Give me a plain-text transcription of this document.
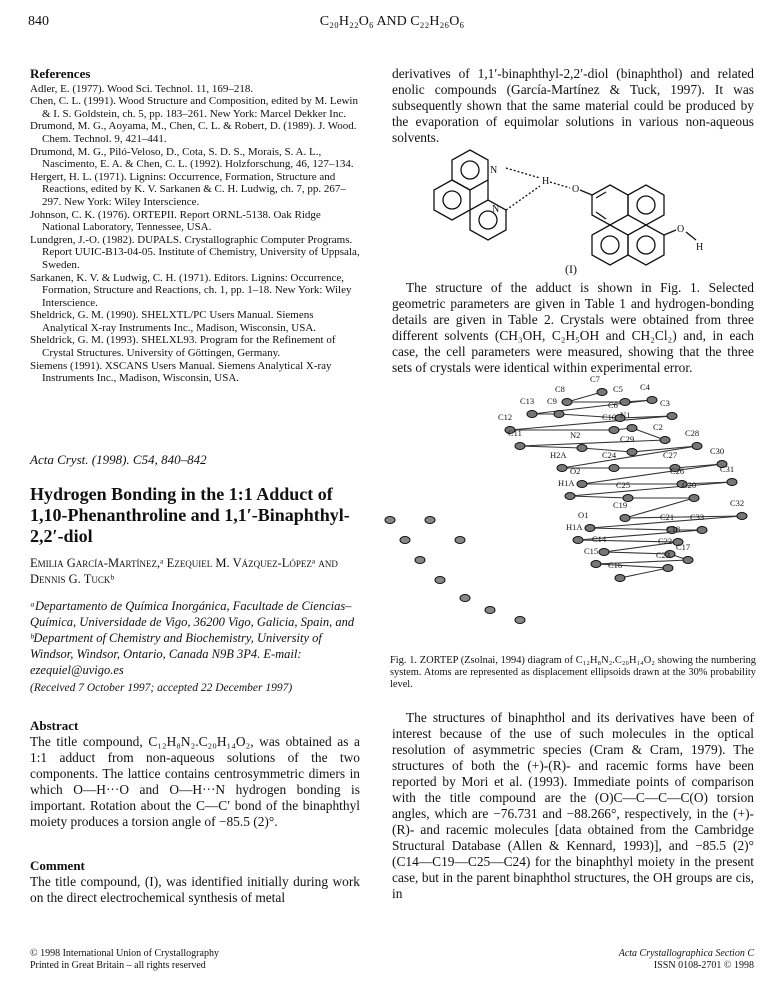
840	C₂₀H₂₂O₆ AND C₂₂H₂₆O₆
References

Adler, E. (1977). Wood Sci. Technol. 11, 169–218.

Chen, C. L. (1991). Wood Structure and Composition, edited by M. Lewin & I. S. Goldstein, ch. 5, pp. 183–261. New York: Marcel Dekker Inc.

Drumond, M. G., Aoyama, M., Chen, C. L. & Robert, D. (1989). J. Wood. Chem. Technol. 9, 421–441.

Drumond, M. G., Piló-Veloso, D., Cota, S. D. S., Morais, S. A. L., Nascimento, E. A. & Chen, C. L. (1992). Holzforschung, 46, 127–134.

Hergert, H. L. (1971). Lignins: Occurrence, Formation, Structure and Reactions, edited by K. V. Sarkanen & C. H. Ludwig, ch. 7, pp. 267–297. New York: Wiley Interscience.

Johnson, C. K. (1976). ORTEPII. Report ORNL-5138. Oak Ridge National Laboratory, Tennessee, USA.

Lundgren, J.-O. (1982). DUPALS. Crystallographic Computer Programs. Report UUIC-B13-04-05. Institute of Chemistry, University of Uppsala, Sweden.

Sarkanen, K. V. & Ludwig, C. H. (1971). Editors. Lignins: Occurrence, Formation, Structure and Reactions, ch. 1, pp. 1–18. New York: Wiley Interscience.

Sheldrick, G. M. (1990). SHELXTL/PC Users Manual. Siemens Analytical X-ray Instruments Inc., Madison, Wisconsin, USA.

Sheldrick, G. M. (1993). SHELXL93. Program for the Refinement of Crystal Structures. University of Göttingen, Germany.

Siemens (1991). XSCANS Users Manual. Siemens Analytical X-ray Instruments Inc., Madison, Wisconsin, USA.

Acta Cryst. (1998). C54, 840–842
Hydrogen Bonding in the 1:1 Adduct of 1,10-Phenanthroline and 1,1′-Binaphthyl-2,2′-diol
Emilia García-Martínez,ᵃ Ezequiel M. Vázquez-Lópezᵃ and Dennis G. Tuckᵇ
ᵃDepartamento de Química Inorgánica, Facultade de Ciencias–Química, Universidade de Vigo, 36200 Vigo, Galicia, Spain, and ᵇDepartment of Chemistry and Biochemistry, University of Windsor, Windsor, Ontario, Canada N9B 3P4. E-mail: ezequiel@uvigo.es
(Received 7 October 1997; accepted 22 December 1997)
Abstract
The title compound, C₁₂H₈N₂.C₂₀H₁₄O₂, was obtained as a 1:1 adduct from non-aqueous solutions of the two components. The lattice contains centrosymmetric dimers in which O—H···O and O—H···N hydrogen bonding is important. Rotation about the C—C′ bond of the binaphthyl moiety produces a torsion angle of −85.5 (2)°.
Comment
The title compound, (I), was identified initially during work on the direct electrochemical synthesis of metal
derivatives of 1,1′-binaphthyl-2,2′-diol (binaphthol) and related enolic compounds (García-Martínez & Tuck, 1997). It was subsequently shown that the same material could be produced by the evaporation of equimolar solutions in various non-aqueous solvents.
N
H
O
N
O
H
(I)
The structure of the adduct is shown in Fig. 1. Selected geometric parameters are given in Table 1 and hydrogen-bonding details are given in Table 2. Crystals were obtained from three different solvents (CH₃OH, C₂H₅OH and CH₂Cl₂) and, in each case, the cell parameters were measured, showing that the three sets of crystals were identical within experimental error.
C7
C8	C5 C4
C13 C9	C6	C3
C12	C10 N1
C2
C11	N2	C29
C28
H2A	C24	C27	C30
O2	C26	C31
H1A	C25	C20
C19	C32
O1	C21 C33
H1A	C18
C14	C22
C17
C15	C23
C16
Fig. 1. ZORTEP (Zsolnai, 1994) diagram of C₁₂H₈N₂.C₂₀H₁₄O₂ showing the numbering system. Atoms are represented as displacement ellipsoids drawn at the 30% probability level.
The structures of binaphthol and its derivatives have been of interest because of the use of such molecules in the optical resolution of asymmetric species (Cram & Cram, 1979). The structures of both the (+)-(R)- and racemic forms have been reported by Mori et al. (1993). Immediate points of comparison with the title compound are the (O)C—C—C—C(O) torsion angles, which are −76.731 and −88.266°, respectively, in the (+)-(R)- and racemic molecules [data obtained from the Cambridge Structural Database (Allen & Kennard, 1993)], and −85.5 (2)° (C14—C19—C25—C24) for the binaphthyl moiety in the present case, but in the parent binaphthol structures, the OH groups are cis, in
© 1998 International Union of Crystallography
Printed in Great Britain – all rights reserved
Acta Crystallographica Section C
ISSN 0108-2701 © 1998
